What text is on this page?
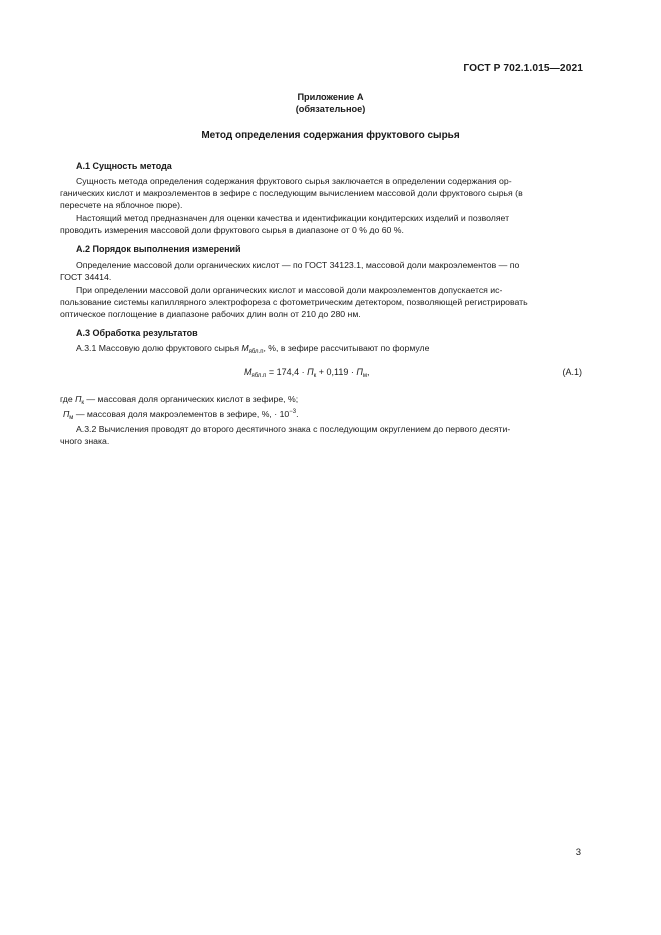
ГОСТ Р 702.1.015—2021
Приложение А
(обязательное)
Метод определения содержания фруктового сырья
А.1 Сущность метода
Сущность метода определения содержания фруктового сырья заключается в определении содержания ор-
ганических кислот и макроэлементов в зефире с последующим вычислением массовой доли фруктового сырья (в
пересчете на яблочное пюре).
Настоящий метод предназначен для оценки качества и идентификации кондитерских изделий и позволяет
проводить измерения массовой доли фруктового сырья в диапазоне от 0 % до 60 %.
А.2 Порядок выполнения измерений
Определение массовой доли органических кислот — по ГОСТ 34123.1, массовой доли макроэлементов — по
ГОСТ 34414.
При определении массовой доли органических кислот и массовой доли макроэлементов допускается ис-
пользование системы капиллярного электрофореза с фотометрическим детектором, позволяющей регистрировать
оптическое поглощение в диапазоне рабочих длин волн от 210 до 280 нм.
А.3 Обработка результатов
А.3.1 Массовую долю фруктового сырья $М_{ябл.п}$, %, в зефире рассчитывают по формуле
$М_{ябл.п} = 174,4 \cdot П_к + 0,119 \cdot П_м$,	(А.1)
где $П_к$ — массовая доля органических кислот в зефире, %;
$П_м$ — массовая доля макроэлементов в зефире, %, · $10^{-3}$.
А.3.2 Вычисления проводят до второго десятичного знака с последующим округлением до первого десяти-
чного знака.
3
